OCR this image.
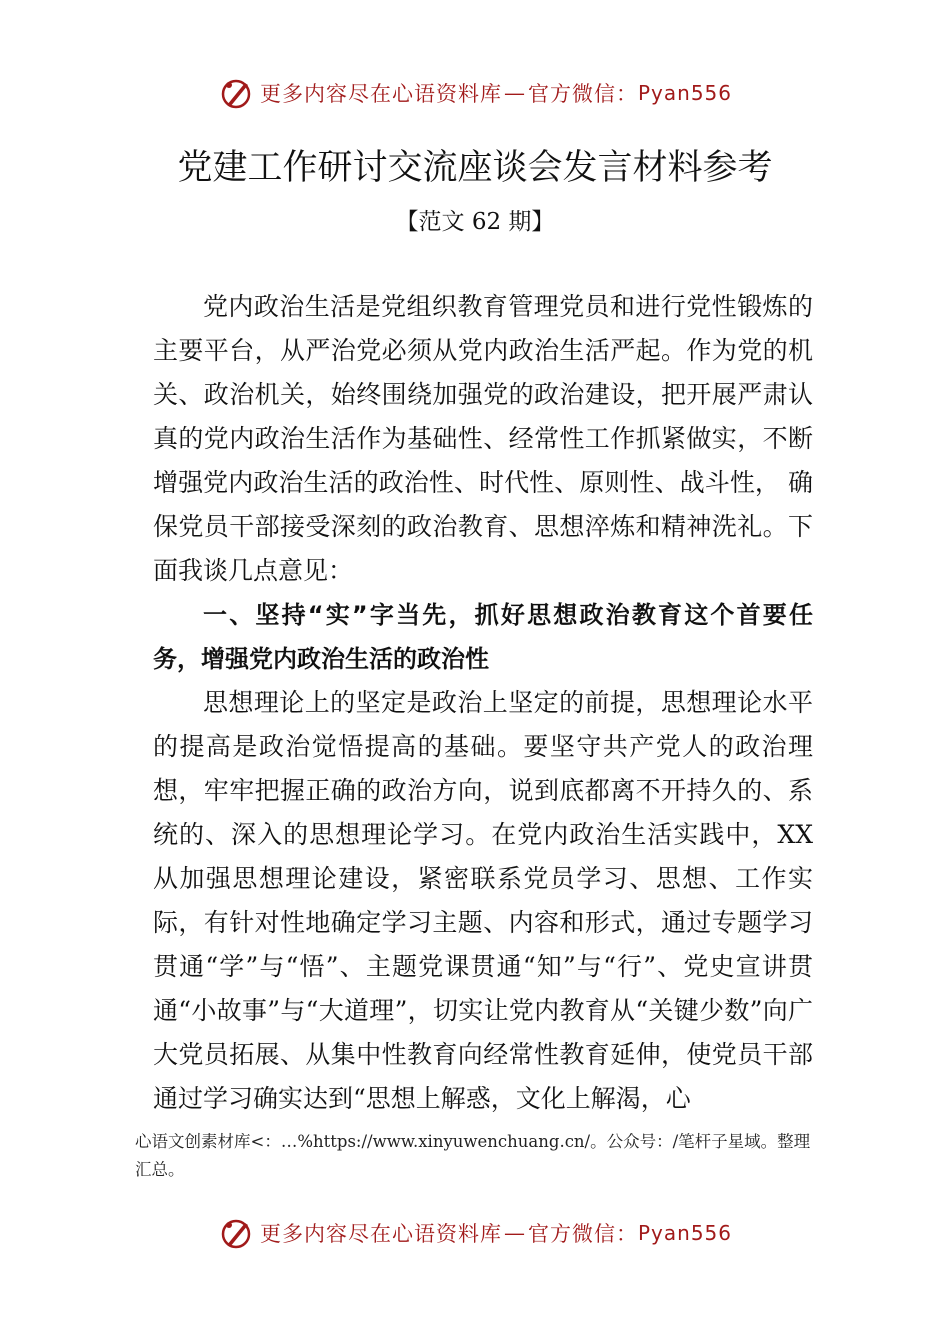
更多内容尽在心语资料库 — 官方微信： Pyan556
党建工作研讨交流座谈会发言材料参考
【范文 62 期】

党内政治生活是党组织教育管理党员和进行党性锻炼的主要平台，从严治党必须从党内政治生活严起。作为党的机关、政治机关，始终围绕加强党的政治建设，把开展严肃认真的党内政治生活作为基础性、经常性工作抓紧做实，不断增强党内政治生活的政治性、时代性、原则性、战斗性， 确保党员干部接受深刻的政治教育、思想淬炼和精神洗礼。下面我谈几点意见：

一、坚持“实”字当先，抓好思想政治教育这个首要任 务，增强党内政治生活的政治性

思想理论上的坚定是政治上坚定的前提，思想理论水平的提高是政治觉悟提高的基础。要坚守共产党人的政治理想，牢牢把握正确的政治方向，说到底都离不开持久的、系统的、深入的思想理论学习。在党内政治生活实践中，XX从加强思想理论建设，紧密联系党员学习、思想、工作实际，有针对性地确定学习主题、内容和形式，通过专题学习贯通“学”与“悟”、主题党课贯通“知”与“行”、党史宣讲贯通“小故事”与“大道理”，切实让党内教育从“关键少数”向广大党员拓展、从集中性教育向经常性教育延伸，使党员干部通过学习确实达到“思想上解惑，文化上解渴，心

心语文创素材库<：…%https://www.xinyuwenchuang.cn/。公众号：/笔杆子星域。整理汇总。
更多内容尽在心语资料库 — 官方微信： Pyan556
